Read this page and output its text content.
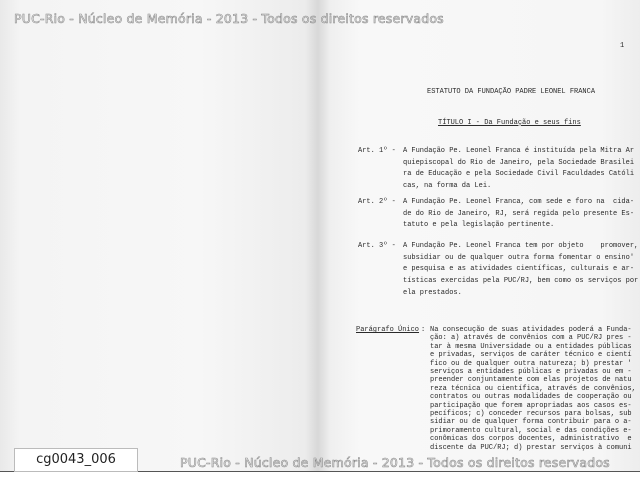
PUC-Rio - Núcleo de Memória - 2013 - Todos os direitos reservados
PUC-Rio - Núcleo de Memória - 2013 - Todos os direitos reservados
1
ESTATUTO DA FUNDAÇÃO PADRE LEONEL FRANCA
TÍTULO I - Da Fundação e seus fins
Art. 1º - A Fundação Pe. Leonel Franca é instituída pela Mitra Ar
quiepiscopal do Rio de Janeiro, pela Sociedade Brasilei
ra de Educação e pela Sociedade Civil Faculdades Católi
cas, na forma da Lei.
Art. 2º - A Fundação Pe. Leonel Franca, com sede e foro na  cida-
de do Rio de Janeiro, RJ, será regida pelo presente Es-
tatuto e pela legislação pertinente.
Art. 3º - A Fundação Pe. Leonel Franca tem por objeto    promover,
subsidiar ou de qualquer outra forma fomentar o ensino'
e pesquisa e as atividades científicas, culturais e ar-
tísticas exercidas pela PUC/RJ, bem como os serviços por
ela prestados.
Na consecução de suas atividades poderá a Funda-
ção: a) através de convênios com a PUC/RJ pres -
tar à mesma Universidade ou a entidades públicas
e privadas, serviços de caráter técnico e cientí
fico ou de qualquer outra natureza; b) prestar '
serviços a entidades públicas e privadas ou em -
preender conjuntamente com elas projetos de natu
reza técnica ou científica, através de convênios,
contratos ou outras modalidades de cooperação ou
participação que forem apropriadas aos casos es-
pecíficos; c) conceder recursos para bolsas, sub
sidiar ou de qualquer forma contribuir para o a-
primoramento cultural, social e das condições e-
conômicas dos corpos docentes, administrativo  e
discente da PUC/RJ; d) prestar serviços à comuni
Parágrafo Único :
cg0043_006
